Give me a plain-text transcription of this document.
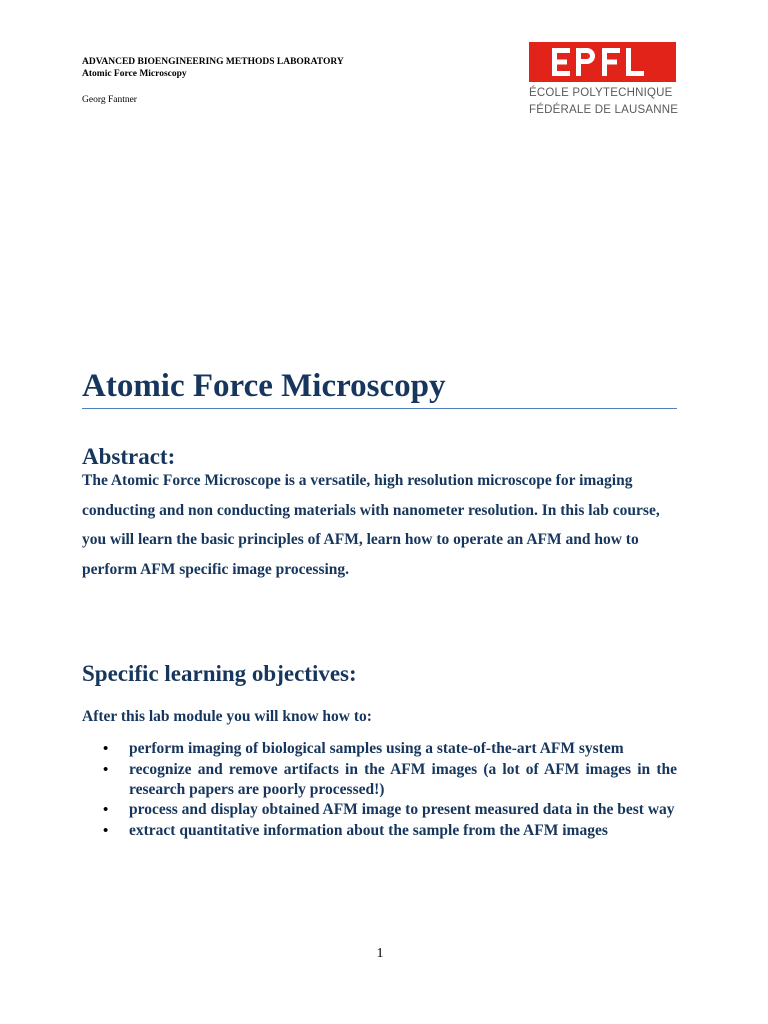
ADVANCED BIOENGINEERING METHODS LABORATORY
Atomic Force Microscopy
Georg Fantner
ÉCOLE POLYTECHNIQUE
FÉDÉRALE DE LAUSANNE
Atomic Force Microscopy
Abstract:

The Atomic Force Microscope is a versatile, high resolution microscope for imaging conducting and non conducting materials with nanometer resolution. In this lab course, you will learn the basic principles of AFM, learn how to operate an AFM and how to perform AFM specific image processing.

Specific learning objectives:

After this lab module you will know how to:

• perform imaging of biological samples using a state-of-the-art AFM system
• recognize and remove artifacts in the AFM images (a lot of AFM images in the research papers are poorly processed!)
• process and display obtained AFM image to present measured data in the best way
• extract quantitative information about the sample from the AFM images
1
